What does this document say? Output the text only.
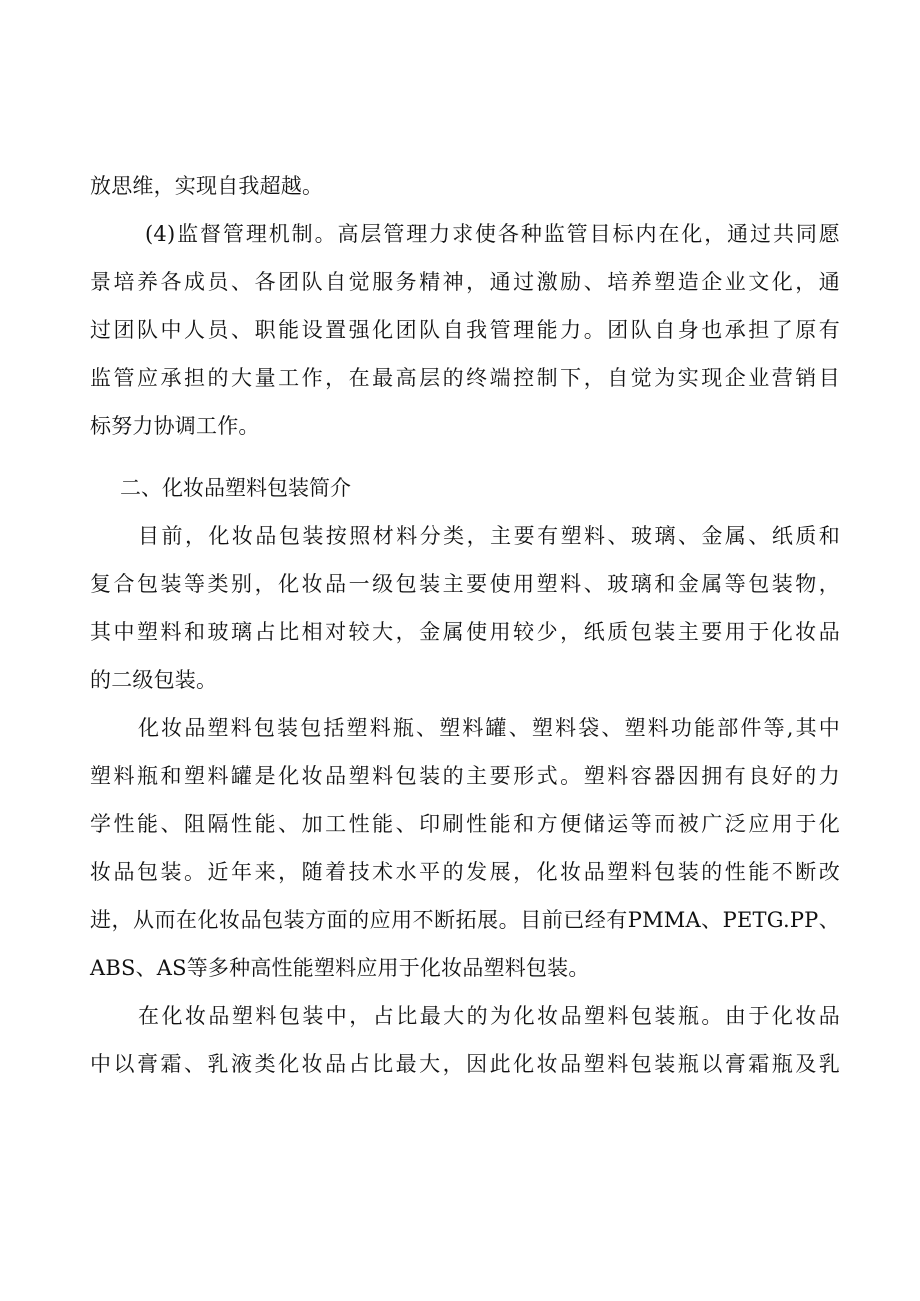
放思维，实现自我超越。
(4)监督管理机制。高层管理力求使各种监管目标内在化，通过共同愿
景培养各成员、各团队自觉服务精神，通过激励、培养塑造企业文化，通
过团队中人员、职能设置强化团队自我管理能力。团队自身也承担了原有
监管应承担的大量工作，在最高层的终端控制下，自觉为实现企业营销目
标努力协调工作。
二、化妆品塑料包装简介
目前，化妆品包装按照材料分类，主要有塑料、玻璃、金属、纸质和
复合包装等类别，化妆品一级包装主要使用塑料、玻璃和金属等包装物，
其中塑料和玻璃占比相对较大，金属使用较少，纸质包装主要用于化妆品
的二级包装。
化妆品塑料包装包括塑料瓶、塑料罐、塑料袋、塑料功能部件等,其中
塑料瓶和塑料罐是化妆品塑料包装的主要形式。塑料容器因拥有良好的力
学性能、阻隔性能、加工性能、印刷性能和方便储运等而被广泛应用于化
妆品包装。近年来，随着技术水平的发展，化妆品塑料包装的性能不断改
进，从而在化妆品包装方面的应用不断拓展。目前已经有PMMA、PETG.PP、
ABS、AS等多种高性能塑料应用于化妆品塑料包装。
在化妆品塑料包装中，占比最大的为化妆品塑料包装瓶。由于化妆品
中以膏霜、乳液类化妆品占比最大，因此化妆品塑料包装瓶以膏霜瓶及乳
